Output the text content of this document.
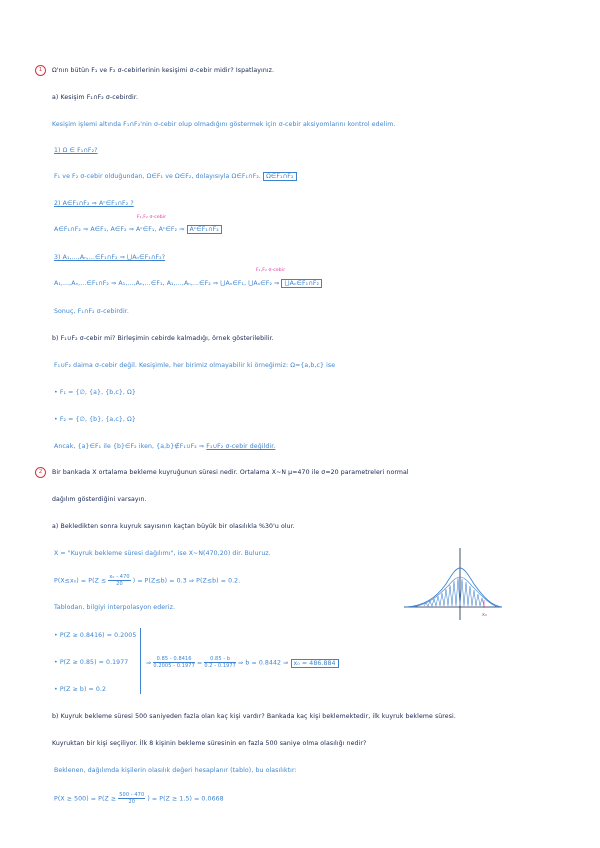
1	Ω'nın bütün F₁ ve F₂ σ-cebirlerinin kesişimi σ-cebir midir? Ispatlayınız.
a) Kesişim F₁∩F₂ σ-cebirdir.
Kesişim işlemi altında F₁∩F₂'nin σ-cebir olup olmadığını göstermek için σ-cebir aksiyomlarını kontrol edelim.
1) Ω ∈ F₁∩F₂?
F₁ ve F₂ σ-cebir olduğundan, Ω∈F₁ ve Ω∈F₂, dolayısıyla Ω∈F₁∩F₂. Ω∈F₁∩F₂
2) A∈F₁∩F₂ ⇒ Aᶜ∈F₁∩F₂ ?
F₁,F₂ σ-cebir
A∈F₁∩F₂ ⇒ A∈F₁, A∈F₂ ⇒ Aᶜ∈F₁, Aᶜ∈F₂ ⇒ Aᶜ∈F₁∩F₂
3) A₁,...,Aₙ,...∈F₁∩F₂ ⇒ ⋃Aₙ∈F₁∩F₂?
F₁,F₂ σ-cebir
A₁,...,Aₙ,...∈F₁∩F₂ ⇒ A₁,...,Aₙ,...∈F₁, A₁,...,Aₙ,...∈F₂ ⇒ ⋃Aₙ∈F₁, ⋃Aₙ∈F₂ ⇒ ⋃Aₙ∈F₁∩F₂
Sonuç, F₁∩F₂ σ-cebirdir.
b) F₁∪F₂ σ-cebir mi? Birleşimin cebirde kalmadığı, örnek gösterilebilir.
F₁∪F₂ daima σ-cebir değil. Kesişimle, her birimiz olmayabilir ki örneğimiz: Ω={a,b,c} ise
• F₁ = {∅, {a}, {b,c}, Ω}
• F₂ = {∅, {b}, {a,c}, Ω}
Ancak, {a}∈F₁ ile {b}∈F₂ iken, {a,b}∉F₁∪F₂ ⇒ F₁∪F₂ σ-cebir değildir.
2	Bir bankada X ortalama bekleme kuyruğunun süresi nedir. Ortalama X~N μ=470 ile σ=20 parametreleri normal
dağılım gösterdiğini varsayın.
a) Bekledikten sonra kuyruk sayısının kaçtan büyük bir olasılıkla %30'u olur.
X = "Kuyruk bekleme süresi dağılımı", ise X~N(470,20) dir. Buluruz.
$P(X\le x_0) = P(Z \le \frac{\text{x₀ - 470}}{20}$ ) = P(Z≤b) = 0.3 ⇒ P(Z≤b) = 0.2.
Tablodan, bilgiyi interpolasyon ederiz.
• P(Z ≥ 0.8416) = 0.2005
• P(Z ≥ 0.85) = 0.1977
• P(Z ≥ b) = 0.2
⇒ $\frac{0.85 - 0.8416}{0.2005 - 0.1977} = \frac{0.85 - b}{0.2 - 0.1977}$ ⇒ b = 0.8442 ⇒ x₀ = 486.884
x₀
b) Kuyruk bekleme süresi 500 saniyeden fazla olan kaç kişi vardır? Bankada kaç kişi beklemektedir, ilk kuyruk bekleme süresi.
Kuyruktan bir kişi seçiliyor. İlk 8 kişinin bekleme süresinin en fazla 500 saniye olma olasılığı nedir?
Beklenen, dağılımda kişilerin olasılık değeri hesaplanır (tablo), bu olasılıktır:
$P(X \ge 500) = P(Z \ge \frac{500 - 470}{20}$ ) = P(Z ≥ 1.5) = 0.0668
